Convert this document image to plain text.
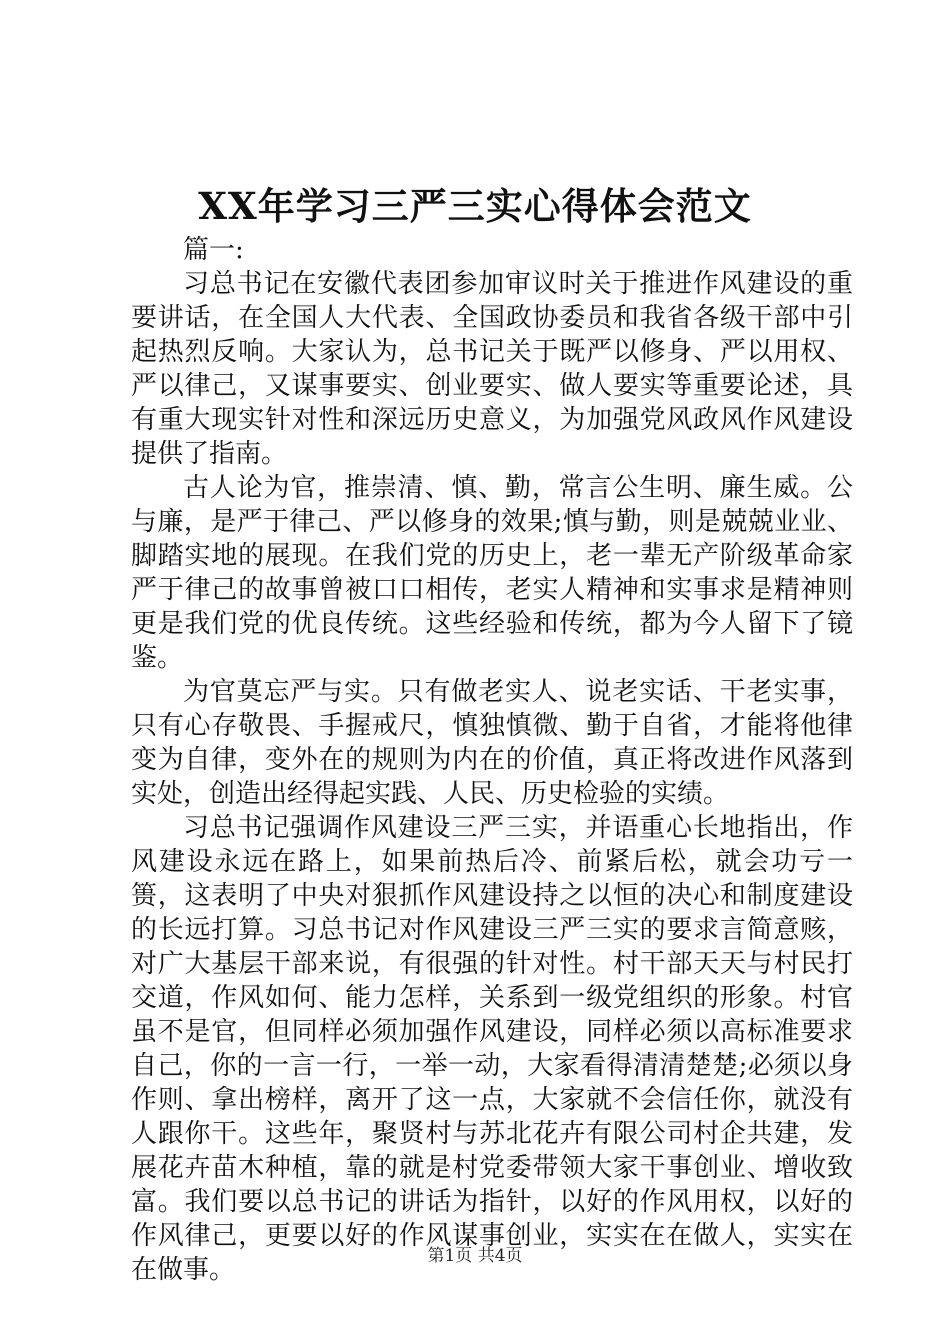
XX年学习三严三实心得体会范文

篇一:

习总书记在安徽代表团参加审议时关于推进作风建设的重要讲话，在全国人大代表、全国政协委员和我省各级干部中引起热烈反响。大家认为，总书记关于既严以修身、严以用权、严以律己，又谋事要实、创业要实、做人要实等重要论述，具有重大现实针对性和深远历史意义，为加强党风政风作风建设提供了指南。

古人论为官，推崇清、慎、勤，常言公生明、廉生威。公与廉，是严于律己、严以修身的效果;慎与勤，则是兢兢业业、脚踏实地的展现。在我们党的历史上，老一辈无产阶级革命家严于律己的故事曾被口口相传，老实人精神和实事求是精神则更是我们党的优良传统。这些经验和传统，都为今人留下了镜鉴。

为官莫忘严与实。只有做老实人、说老实话、干老实事，只有心存敬畏、手握戒尺，慎独慎微、勤于自省，才能将他律变为自律，变外在的规则为内在的价值，真正将改进作风落到实处，创造出经得起实践、人民、历史检验的实绩。

习总书记强调作风建设三严三实，并语重心长地指出，作风建设永远在路上，如果前热后冷、前紧后松，就会功亏一篑，这表明了中央对狠抓作风建设持之以恒的决心和制度建设的长远打算。习总书记对作风建设三严三实的要求言简意赅，对广大基层干部来说，有很强的针对性。村干部天天与村民打交道，作风如何、能力怎样，关系到一级党组织的形象。村官虽不是官，但同样必须加强作风建设，同样必须以高标准要求自己，你的一言一行，一举一动，大家看得清清楚楚;必须以身作则、拿出榜样，离开了这一点，大家就不会信任你，就没有人跟你干。这些年，聚贤村与苏北花卉有限公司村企共建，发展花卉苗木种植，靠的就是村党委带领大家干事创业、增收致富。我们要以总书记的讲话为指针，以好的作风用权，以好的作风律己，更要以好的作风谋事创业，实实在在做人，实实在在做事。	第1页 共4页
